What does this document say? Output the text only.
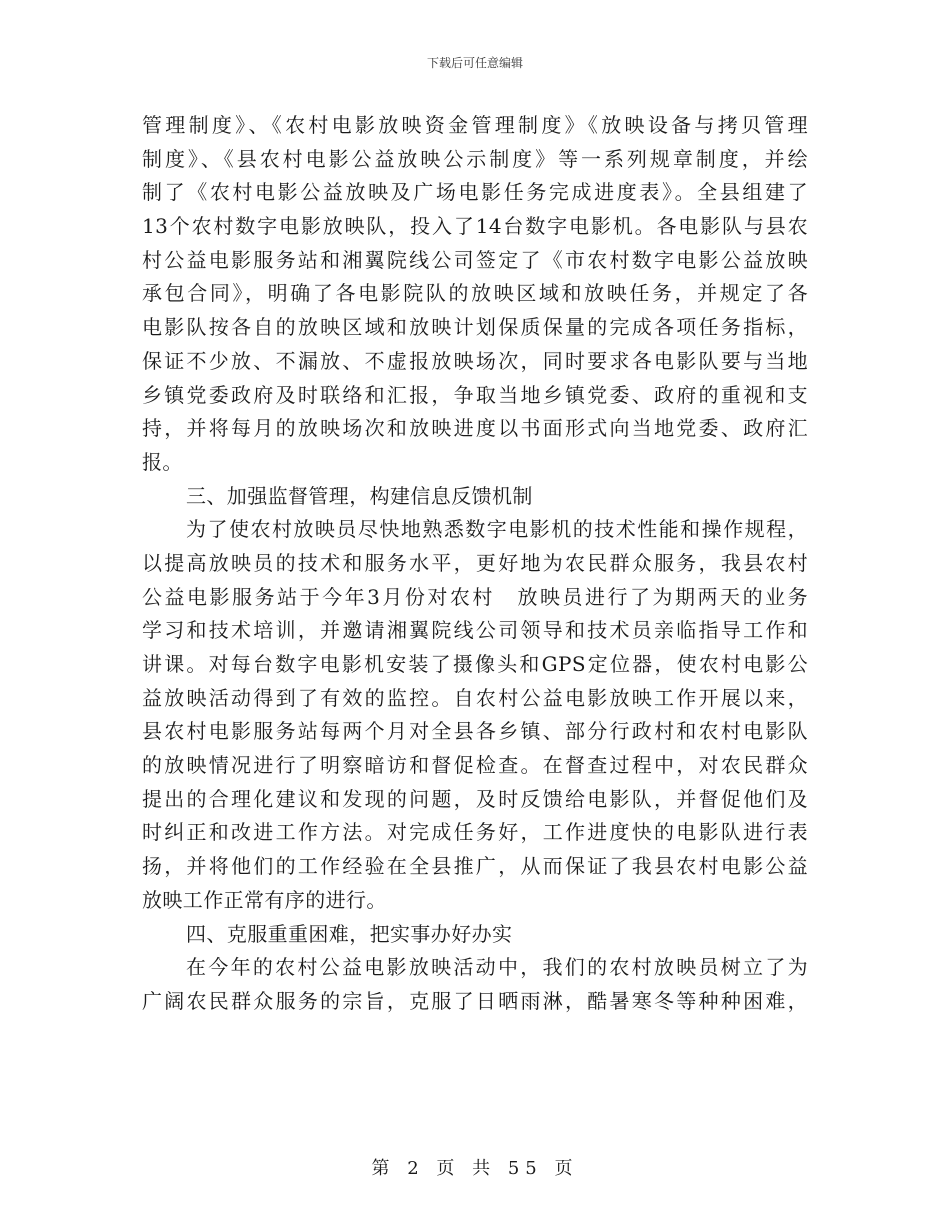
下载后可任意编辑
管理制度》、《农村电影放映资金管理制度》《放映设备与拷贝管理
制度》、《县农村电影公益放映公示制度》等一系列规章制度，并绘
制了《农村电影公益放映及广场电影任务完成进度表》。全县组建了
13个农村数字电影放映队，投入了14台数字电影机。各电影队与县农
村公益电影服务站和湘翼院线公司签定了《市农村数字电影公益放映
承包合同》，明确了各电影院队的放映区域和放映任务，并规定了各
电影队按各自的放映区域和放映计划保质保量的完成各项任务指标，
保证不少放、不漏放、不虚报放映场次，同时要求各电影队要与当地
乡镇党委政府及时联络和汇报，争取当地乡镇党委、政府的重视和支
持，并将每月的放映场次和放映进度以书面形式向当地党委、政府汇
报。
三、加强监督管理，构建信息反馈机制
为了使农村放映员尽快地熟悉数字电影机的技术性能和操作规程，
以提高放映员的技术和服务水平，更好地为农民群众服务，我县农村
公益电影服务站于今年3月份对农村　放映员进行了为期两天的业务
学习和技术培训，并邀请湘翼院线公司领导和技术员亲临指导工作和
讲课。对每台数字电影机安装了摄像头和GPS定位器，使农村电影公
益放映活动得到了有效的监控。自农村公益电影放映工作开展以来，
县农村电影服务站每两个月对全县各乡镇、部分行政村和农村电影队
的放映情况进行了明察暗访和督促检查。在督查过程中，对农民群众
提出的合理化建议和发现的问题，及时反馈给电影队，并督促他们及
时纠正和改进工作方法。对完成任务好，工作进度快的电影队进行表
扬，并将他们的工作经验在全县推广，从而保证了我县农村电影公益
放映工作正常有序的进行。
四、克服重重困难，把实事办好办实
在今年的农村公益电影放映活动中，我们的农村放映员树立了为
广阔农民群众服务的宗旨，克服了日晒雨淋，酷暑寒冬等种种困难，
第 2 页 共 55 页
